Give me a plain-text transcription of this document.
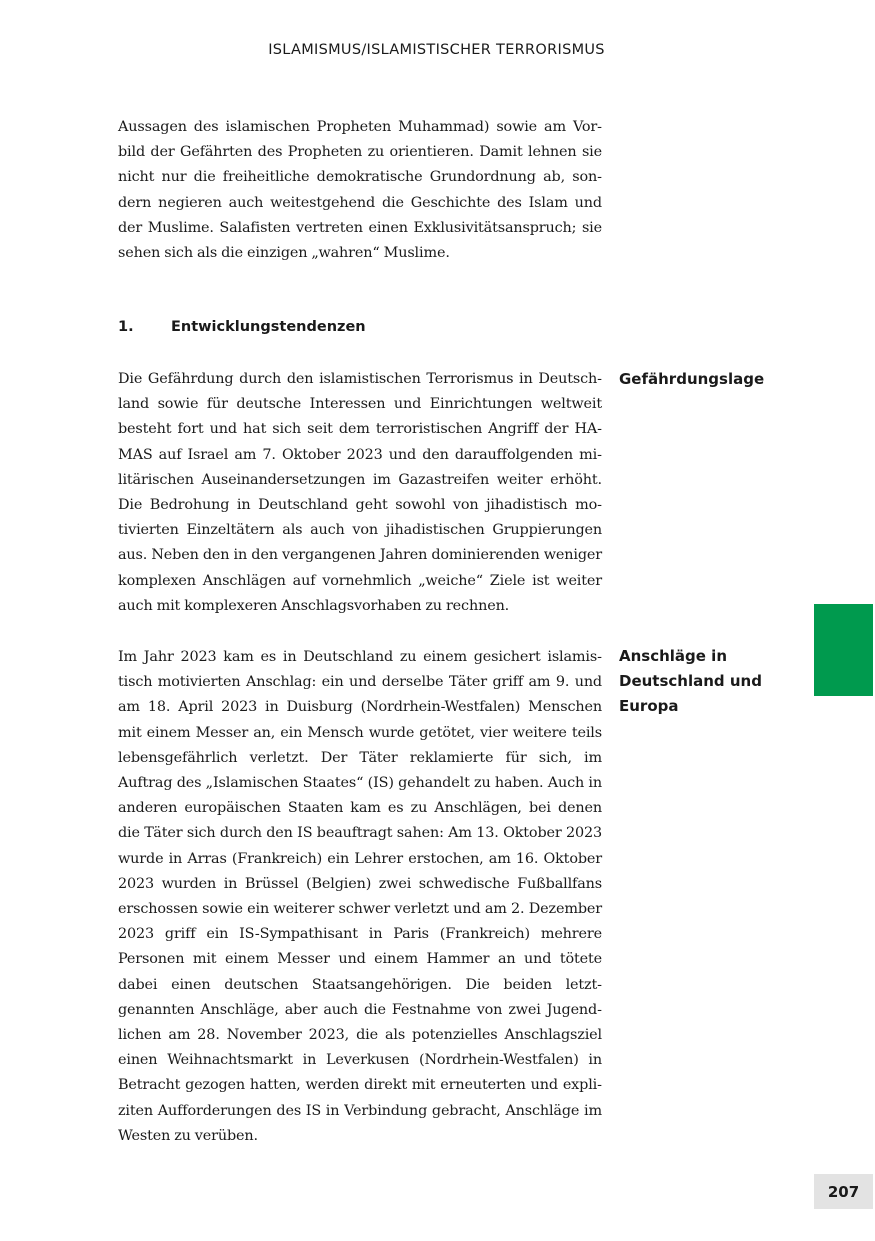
ISLAMISMUS/ISLAMISTISCHER TERRORISMUS

Aussagen des islamischen Propheten Muhammad) sowie am Vorbild der Gefährten des Propheten zu orientieren. Damit lehnen sie nicht nur die freiheitliche demokratische Grundordnung ab, sondern negieren auch weitestgehend die Geschichte des Islam und der Muslime. Salafisten vertreten einen Exklusivitätsanspruch; sie sehen sich als die einzigen „wahren“ Muslime.

1.	Entwicklungstendenzen

Die Gefährdung durch den islamistischen Terrorismus in Deutschland sowie für deutsche Interessen und Einrichtungen weltweit besteht fort und hat sich seit dem terroristischen Angriff der HAMAS auf Israel am 7. Oktober 2023 und den darauffolgenden militärischen Auseinandersetzungen im Gazastreifen weiter erhöht. Die Bedrohung in Deutschland geht sowohl von jihadistisch motivierten Einzeltätern als auch von jihadistischen Gruppierungen aus. Neben den in den vergangenen Jahren dominierenden weniger komplexen Anschlägen auf vornehmlich „weiche“ Ziele ist weiter auch mit komplexeren Anschlagsvorhaben zu rechnen.

Gefährdungslage

Im Jahr 2023 kam es in Deutschland zu einem gesichert islamistisch motivierten Anschlag: ein und derselbe Täter griff am 9. und am 18. April 2023 in Duisburg (Nordrhein-Westfalen) Menschen mit einem Messer an, ein Mensch wurde getötet, vier weitere teils lebensgefährlich verletzt. Der Täter reklamierte für sich, im Auftrag des „Islamischen Staates“ (IS) gehandelt zu haben. Auch in anderen europäischen Staaten kam es zu Anschlägen, bei denen die Täter sich durch den IS beauftragt sahen: Am 13. Oktober 2023 wurde in Arras (Frankreich) ein Lehrer erstochen, am 16. Oktober 2023 wurden in Brüssel (Belgien) zwei schwedische Fußballfans erschossen sowie ein weiterer schwer verletzt und am 2. Dezember 2023 griff ein IS-Sympathisant in Paris (Frankreich) mehrere Personen mit einem Messer und einem Hammer an und tötete dabei einen deutschen Staatsangehörigen. Die beiden letztgenannten Anschläge, aber auch die Festnahme von zwei Jugendlichen am 28. November 2023, die als potenzielles Anschlagsziel einen Weihnachtsmarkt in Leverkusen (Nordrhein-Westfalen) in Betracht gezogen hatten, werden direkt mit erneuterten und expliziten Aufforderungen des IS in Verbindung gebracht, Anschläge im Westen zu verüben.

Anschläge in Deutschland und Europa
207
